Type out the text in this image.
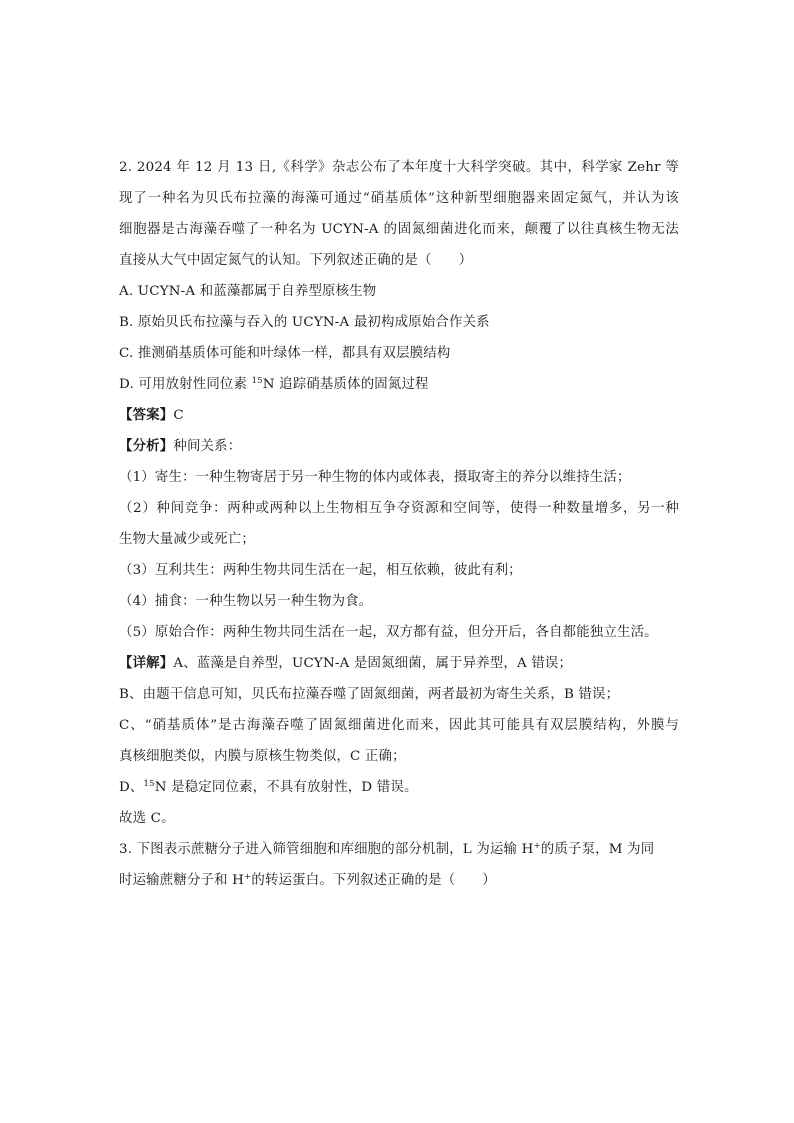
2. 2024 年 12 月 13 日,《科学》杂志公布了本年度十大科学突破。其中，科学家 Zehr 等
现了一种名为贝氏布拉藻的海藻可通过“硝基质体”这种新型细胞器来固定氮气，并认为该
细胞器是古海藻吞噬了一种名为 UCYN-A 的固氮细菌进化而来，颠覆了以往真核生物无法
直接从大气中固定氮气的认知。下列叙述正确的是（　　）
A. UCYN-A 和蓝藻都属于自养型原核生物
B. 原始贝氏布拉藻与吞入的 UCYN-A 最初构成原始合作关系
C. 推测硝基质体可能和叶绿体一样，都具有双层膜结构
D. 可用放射性同位素 $^{15}$N 追踪硝基质体的固氮过程
【答案】C
【分析】种间关系：
（1）寄生：一种生物寄居于另一种生物的体内或体表，摄取寄主的养分以维持生活；
（2）种间竞争：两种或两种以上生物相互争夺资源和空间等，使得一种数量增多，另一种
生物大量减少或死亡；
（3）互利共生：两种生物共同生活在一起，相互依赖，彼此有利；
（4）捕食：一种生物以另一种生物为食。
（5）原始合作：两种生物共同生活在一起，双方都有益，但分开后，各自都能独立生活。
【详解】A、蓝藻是自养型，UCYN-A 是固氮细菌，属于异养型，A 错误；
B、由题干信息可知，贝氏布拉藻吞噬了固氮细菌，两者最初为寄生关系，B 错误；
C、“硝基质体”是古海藻吞噬了固氮细菌进化而来，因此其可能具有双层膜结构，外膜与
真核细胞类似，内膜与原核生物类似，C 正确；
D、$^{15}$N 是稳定同位素，不具有放射性，D 错误。
故选 C。
3. 下图表示蔗糖分子进入筛管细胞和库细胞的部分机制，L 为运输 H+的质子泵，M 为同
时运输蔗糖分子和 H+的转运蛋白。下列叙述正确的是（　　）
